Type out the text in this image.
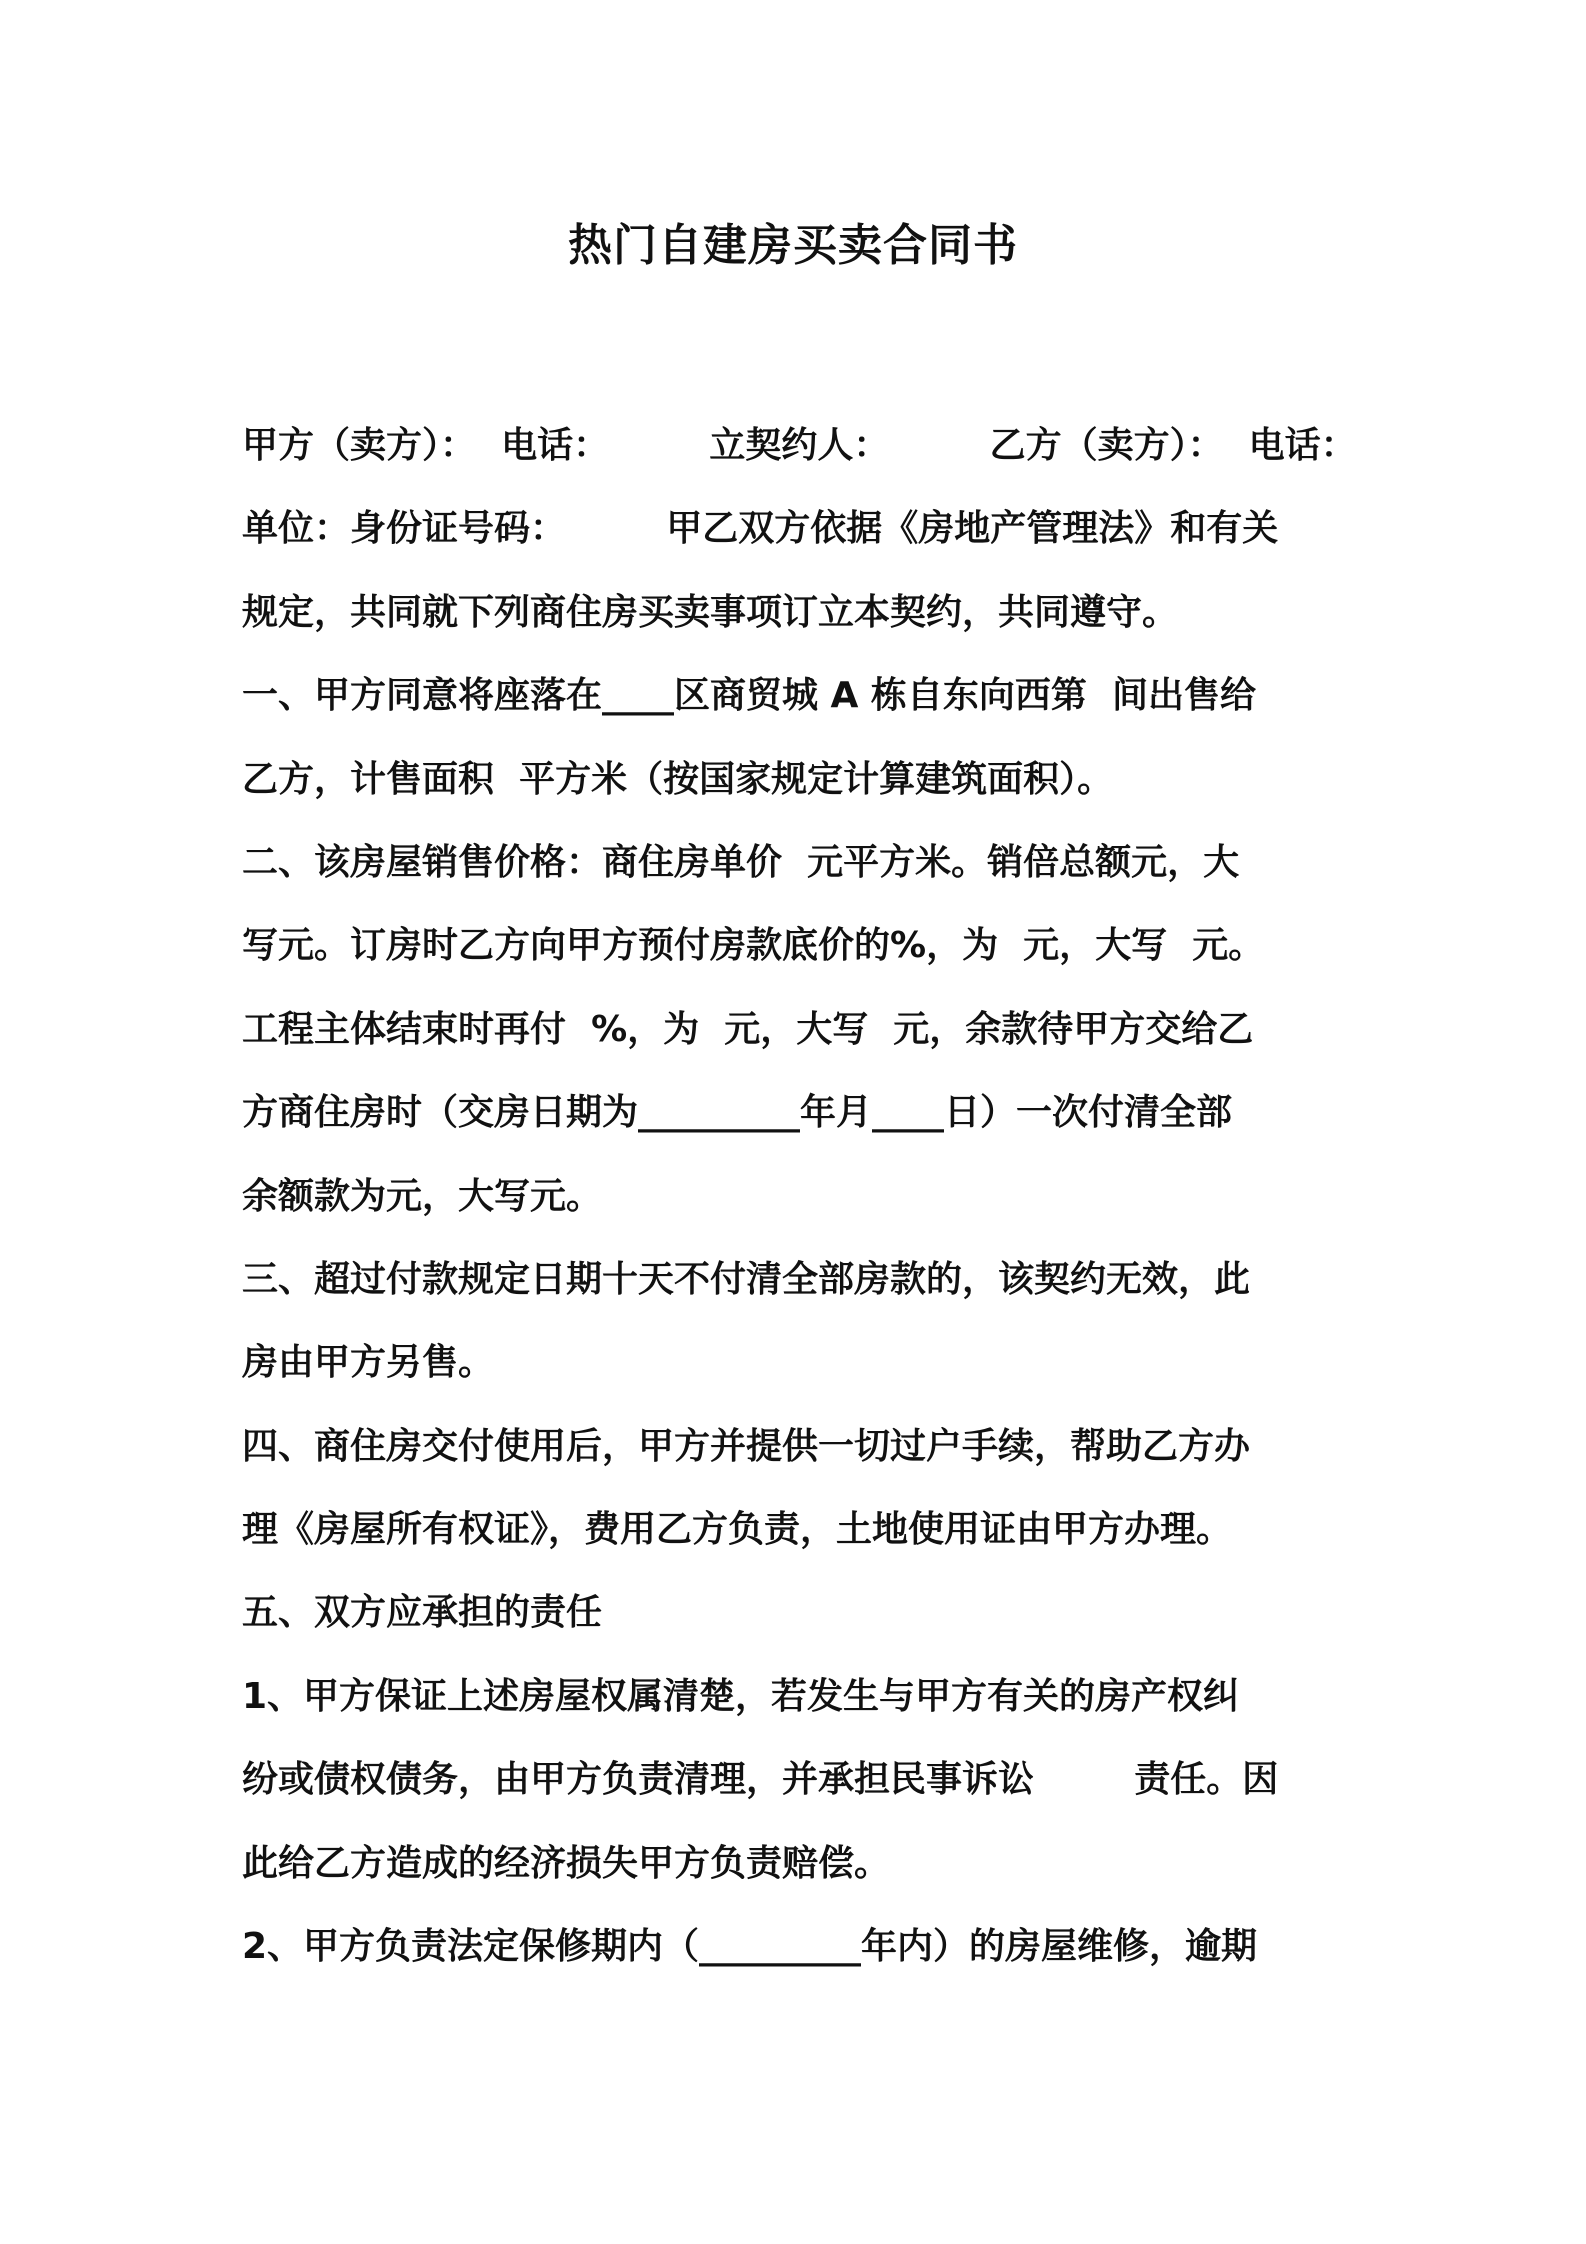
热门自建房买卖合同书
甲方（卖方）：  电话：        立契约人：        乙方（卖方）：  电话：
单位：身份证号码：        甲乙双方依据《房地产管理法》和有关
规定，共同就下列商住房买卖事项订立本契约，共同遵守。
一、甲方同意将座落在____区商贸城 A 栋自东向西第  间出售给
乙方，计售面积  平方米（按国家规定计算建筑面积）。
二、该房屋销售价格：商住房单价  元平方米。销倍总额元，大
写元。订房时乙方向甲方预付房款底价的%，为  元，大写  元。
工程主体结束时再付  %，为  元，大写  元，余款待甲方交给乙
方商住房时（交房日期为_________年月____日）一次付清全部
余额款为元，大写元。
三、超过付款规定日期十天不付清全部房款的，该契约无效，此
房由甲方另售。
四、商住房交付使用后，甲方并提供一切过户手续，帮助乙方办
理《房屋所有权证》，费用乙方负责，土地使用证由甲方办理。
五、双方应承担的责任
1、甲方保证上述房屋权属清楚，若发生与甲方有关的房产权纠
纷或债权债务，由甲方负责清理，并承担民事诉讼        责任。因
此给乙方造成的经济损失甲方负责赔偿。
2、甲方负责法定保修期内（_________年内）的房屋维修，逾期
